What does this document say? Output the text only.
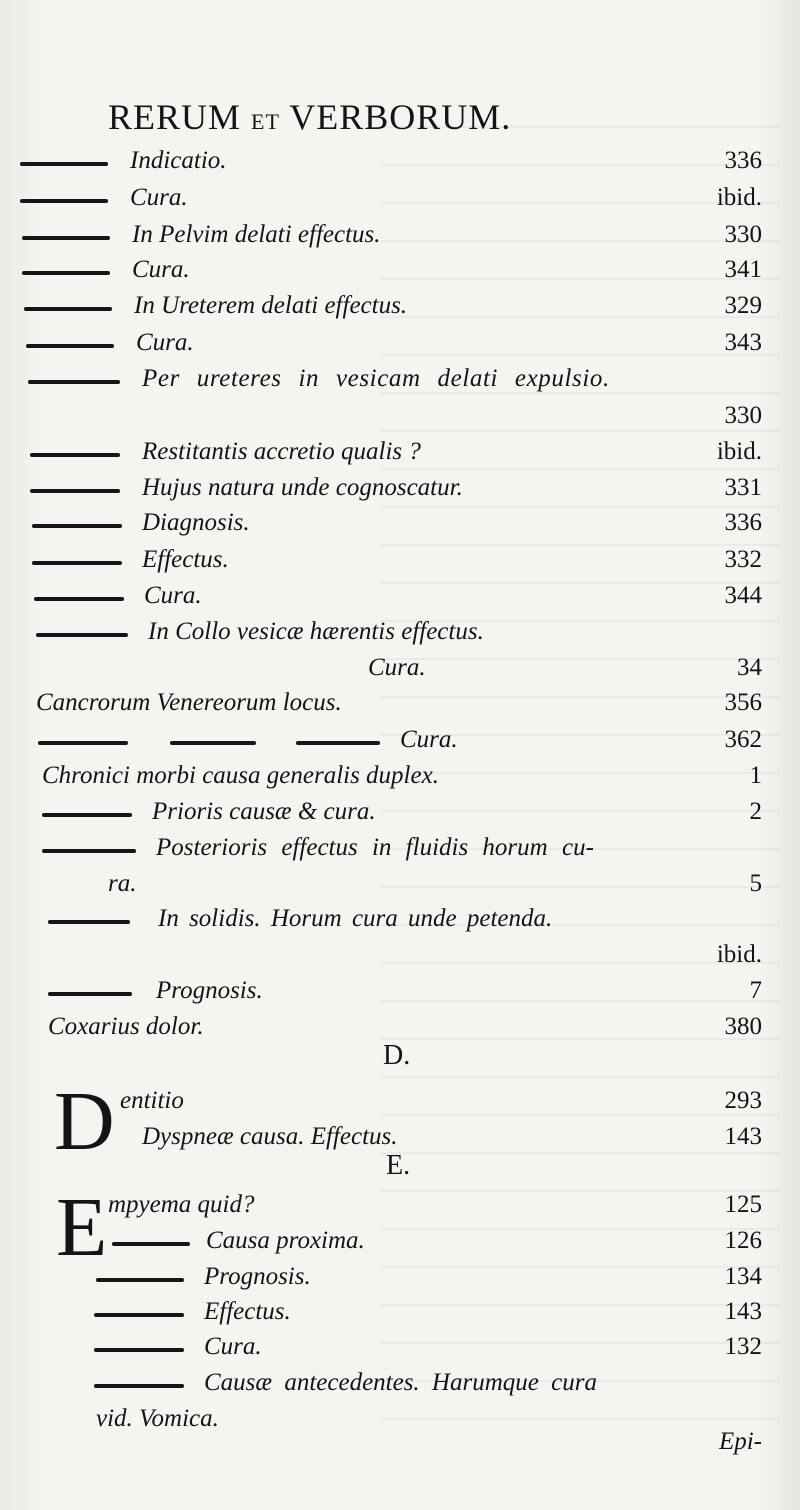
RERUM ET VERBORUM.
Indicatio.	336
Cura.	ibid.
In Pelvim delati effectus.	330
Cura.	341
In Ureterem delati effectus.	329
Cura.	343
Per ureteres in vesicam delati expulsio.
330
Restitantis accretio qualis ?	ibid.
Hujus natura unde cognoscatur.	331
Diagnosis.	336
Effectus.	332
Cura.	344
In Collo vesicæ hærentis effectus.
Cura.	34
Cancrorum Venereorum locus.	356
Cura.	362
Chronici morbi causa generalis duplex.	1
Prioris causæ & cura.	2
Posterioris effectus in fluidis horum cu-
ra.	5
In solidis. Horum cura unde petenda.
ibid.
Prognosis.	7
Coxarius dolor.	380
D.
D entitio	293
Dyspneæ causa. Effectus.	143
E.
E mpyema quid?	125
Causa proxima.	126
Prognosis.	134
Effectus.	143
Cura.	132
Causæ antecedentes. Harumque cura
vid. Vomica.
Epi-
